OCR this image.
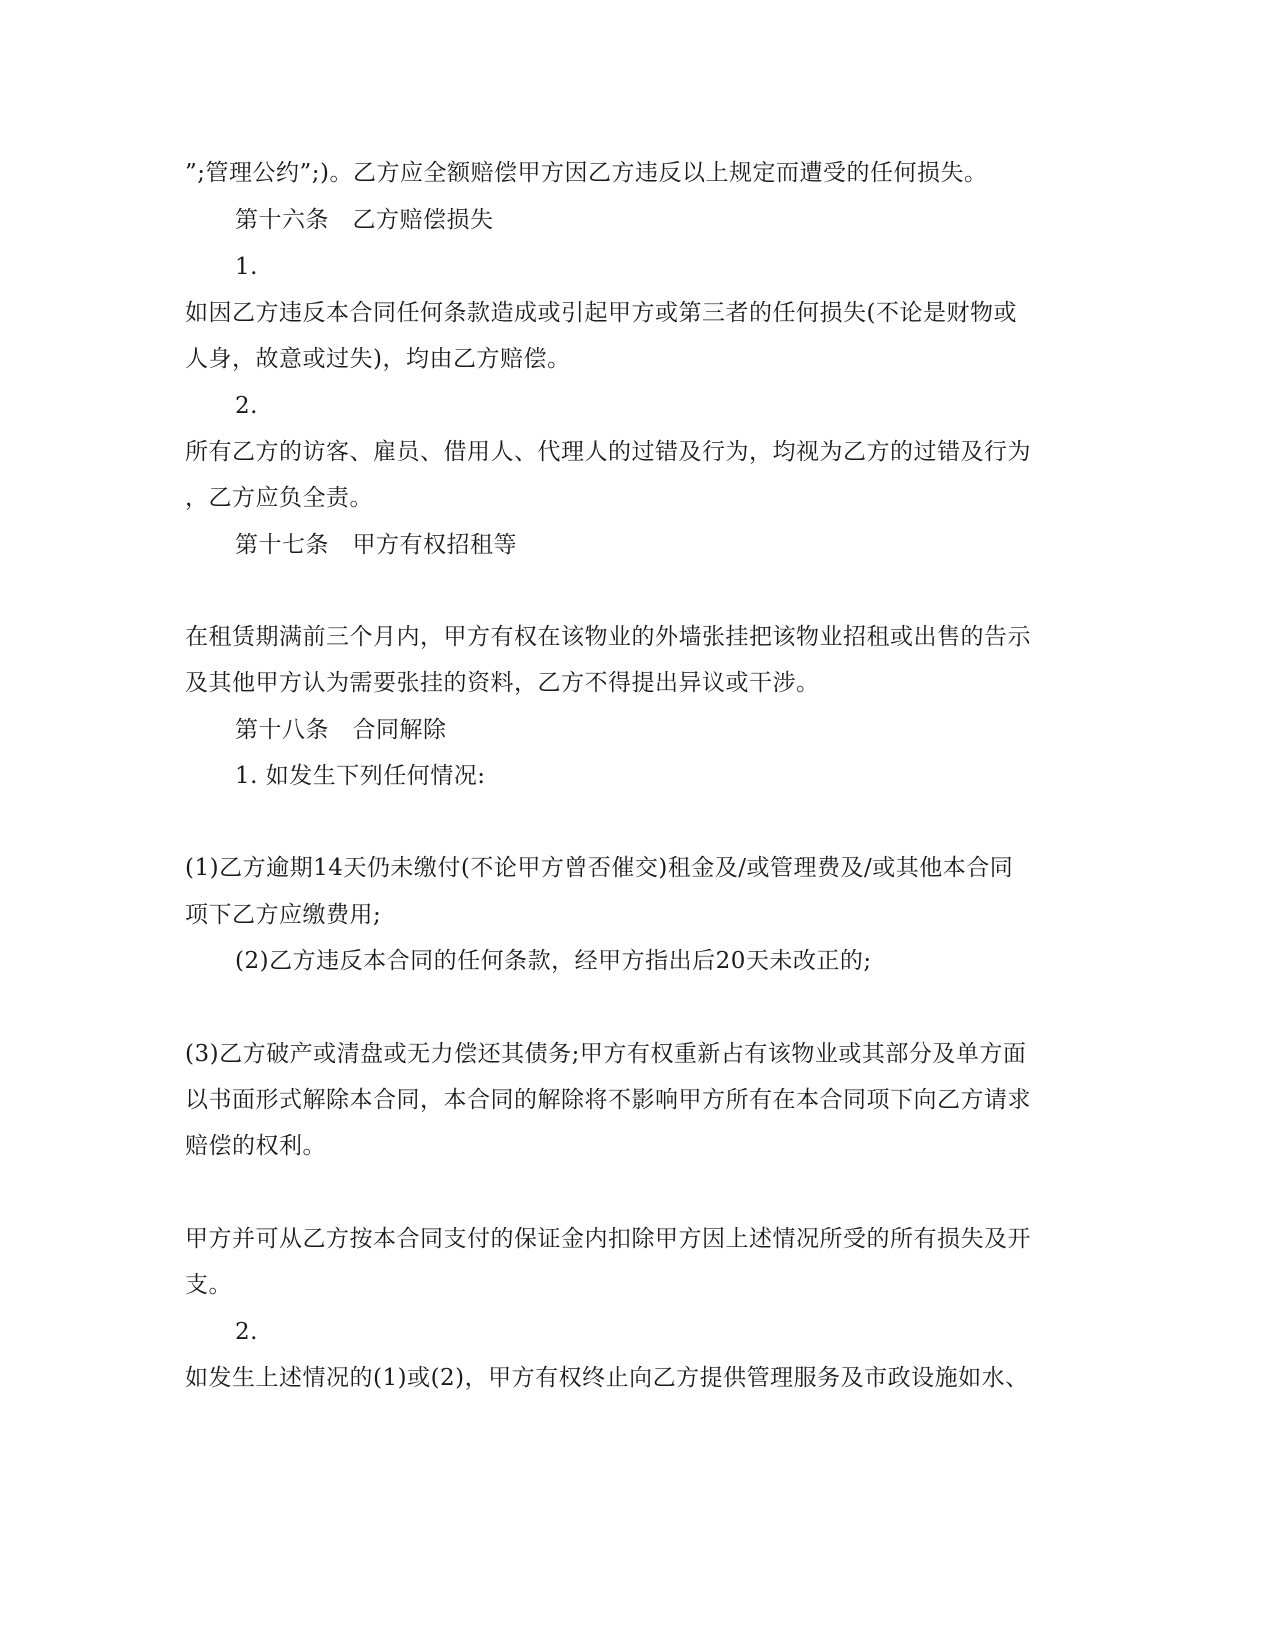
”;管理公约”;)。乙方应全额赔偿甲方因乙方违反以上规定而遭受的任何损失。
第十六条　乙方赔偿损失
1.
如因乙方违反本合同任何条款造成或引起甲方或第三者的任何损失(不论是财物或
人身，故意或过失)，均由乙方赔偿。
2.
所有乙方的访客、雇员、借用人、代理人的过错及行为，均视为乙方的过错及行为
，乙方应负全责。
第十七条　甲方有权招租等
在租赁期满前三个月内，甲方有权在该物业的外墙张挂把该物业招租或出售的告示
及其他甲方认为需要张挂的资料，乙方不得提出异议或干涉。
第十八条　合同解除
1. 如发生下列任何情况:
(1)乙方逾期14天仍未缴付(不论甲方曾否催交)租金及/或管理费及/或其他本合同
项下乙方应缴费用;
(2)乙方违反本合同的任何条款，经甲方指出后20天未改正的;
(3)乙方破产或清盘或无力偿还其债务;甲方有权重新占有该物业或其部分及单方面
以书面形式解除本合同，本合同的解除将不影响甲方所有在本合同项下向乙方请求
赔偿的权利。
甲方并可从乙方按本合同支付的保证金内扣除甲方因上述情况所受的所有损失及开
支。
2.
如发生上述情况的(1)或(2)，甲方有权终止向乙方提供管理服务及市政设施如水、
